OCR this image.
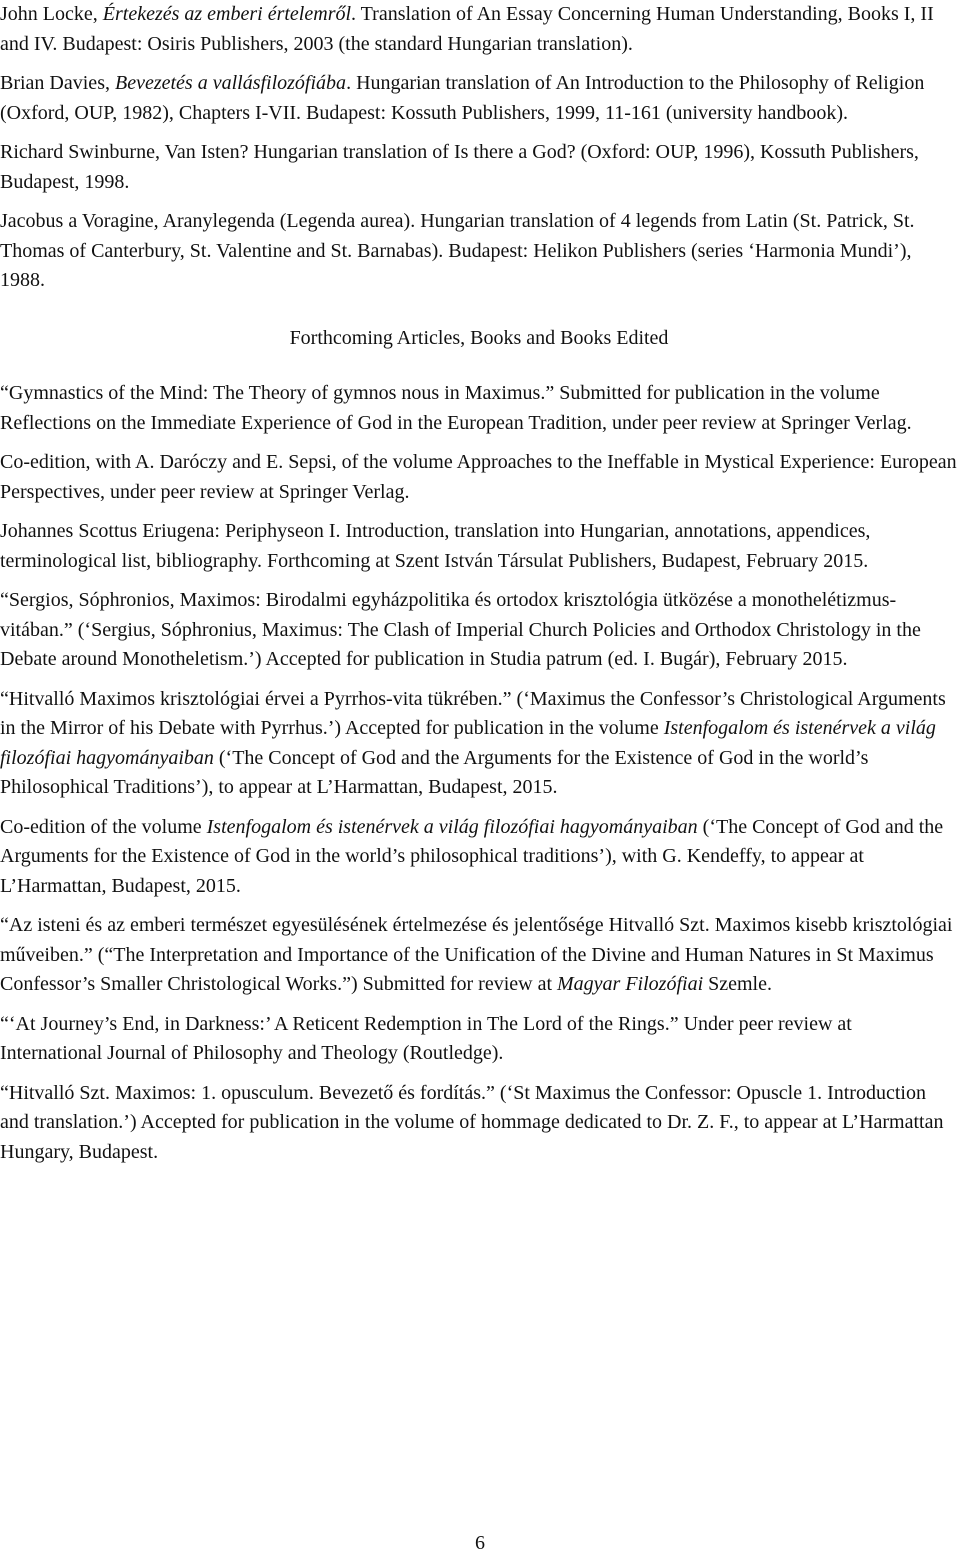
John Locke, Értekezés az emberi értelemről. Translation of An Essay Concerning Human Understanding, Books I, II and IV. Budapest: Osiris Publishers, 2003 (the standard Hungarian translation).

Brian Davies, Bevezetés a vallásfilozófiába. Hungarian translation of An Introduction to the Philosophy of Religion (Oxford, OUP, 1982), Chapters I-VII. Budapest: Kossuth Publishers, 1999, 11-161 (university handbook).

Richard Swinburne, Van Isten? Hungarian translation of Is there a God? (Oxford: OUP, 1996), Kossuth Publishers, Budapest, 1998.

Jacobus a Voragine, Aranylegenda (Legenda aurea). Hungarian translation of 4 legends from Latin (St. Patrick, St. Thomas of Canterbury, St. Valentine and St. Barnabas). Budapest: Helikon Publishers (series ‘Harmonia Mundi’), 1988.

Forthcoming Articles, Books and Books Edited

“Gymnastics of the Mind: The Theory of gymnos nous in Maximus.” Submitted for publication in the volume Reflections on the Immediate Experience of God in the European Tradition, under peer review at Springer Verlag.

Co-edition, with A. Daróczy and E. Sepsi, of the volume Approaches to the Ineffable in Mystical Experience: European Perspectives, under peer review at Springer Verlag.

Johannes Scottus Eriugena: Periphyseon I. Introduction, translation into Hungarian, annotations, appendices, terminological list, bibliography. Forthcoming at Szent István Társulat Publishers, Budapest, February 2015.

“Sergios, Sóphronios, Maximos: Birodalmi egyházpolitika és ortodox krisztológia ütközése a monothelétizmus-vitában.” (‘Sergius, Sóphronius, Maximus: The Clash of Imperial Church Policies and Orthodox Christology in the Debate around Monotheletism.’) Accepted for publication in Studia patrum (ed. I. Bugár), February 2015.

“Hitvalló Maximos krisztológiai érvei a Pyrrhos-vita tükrében.” (‘Maximus the Confessor’s Christological Arguments in the Mirror of his Debate with Pyrrhus.’) Accepted for publication in the volume Istenfogalom és istenérvek a világ filozófiai hagyományaiban (‘The Concept of God and the Arguments for the Existence of God in the world’s Philosophical Traditions’), to appear at L’Harmattan, Budapest, 2015.

Co-edition of the volume Istenfogalom és istenérvek a világ filozófiai hagyományaiban (‘The Concept of God and the Arguments for the Existence of God in the world’s philosophical traditions’), with G. Kendeffy, to appear at L’Harmattan, Budapest, 2015.

“Az isteni és az emberi természet egyesülésének értelmezése és jelentősége Hitvalló Szt. Maximos kisebb krisztológiai műveiben.” (“The Interpretation and Importance of the Unification of the Divine and Human Natures in St Maximus Confessor’s Smaller Christological Works.”) Submitted for review at Magyar Filozófiai Szemle.

“‘At Journey’s End, in Darkness:’ A Reticent Redemption in The Lord of the Rings.” Under peer review at International Journal of Philosophy and Theology (Routledge).

“Hitvalló Szt. Maximos: 1. opusculum. Bevezető és fordítás.” (‘St Maximus the Confessor: Opuscle 1. Introduction and translation.’) Accepted for publication in the volume of hommage dedicated to Dr. Z. F., to appear at L’Harmattan Hungary, Budapest.

6
